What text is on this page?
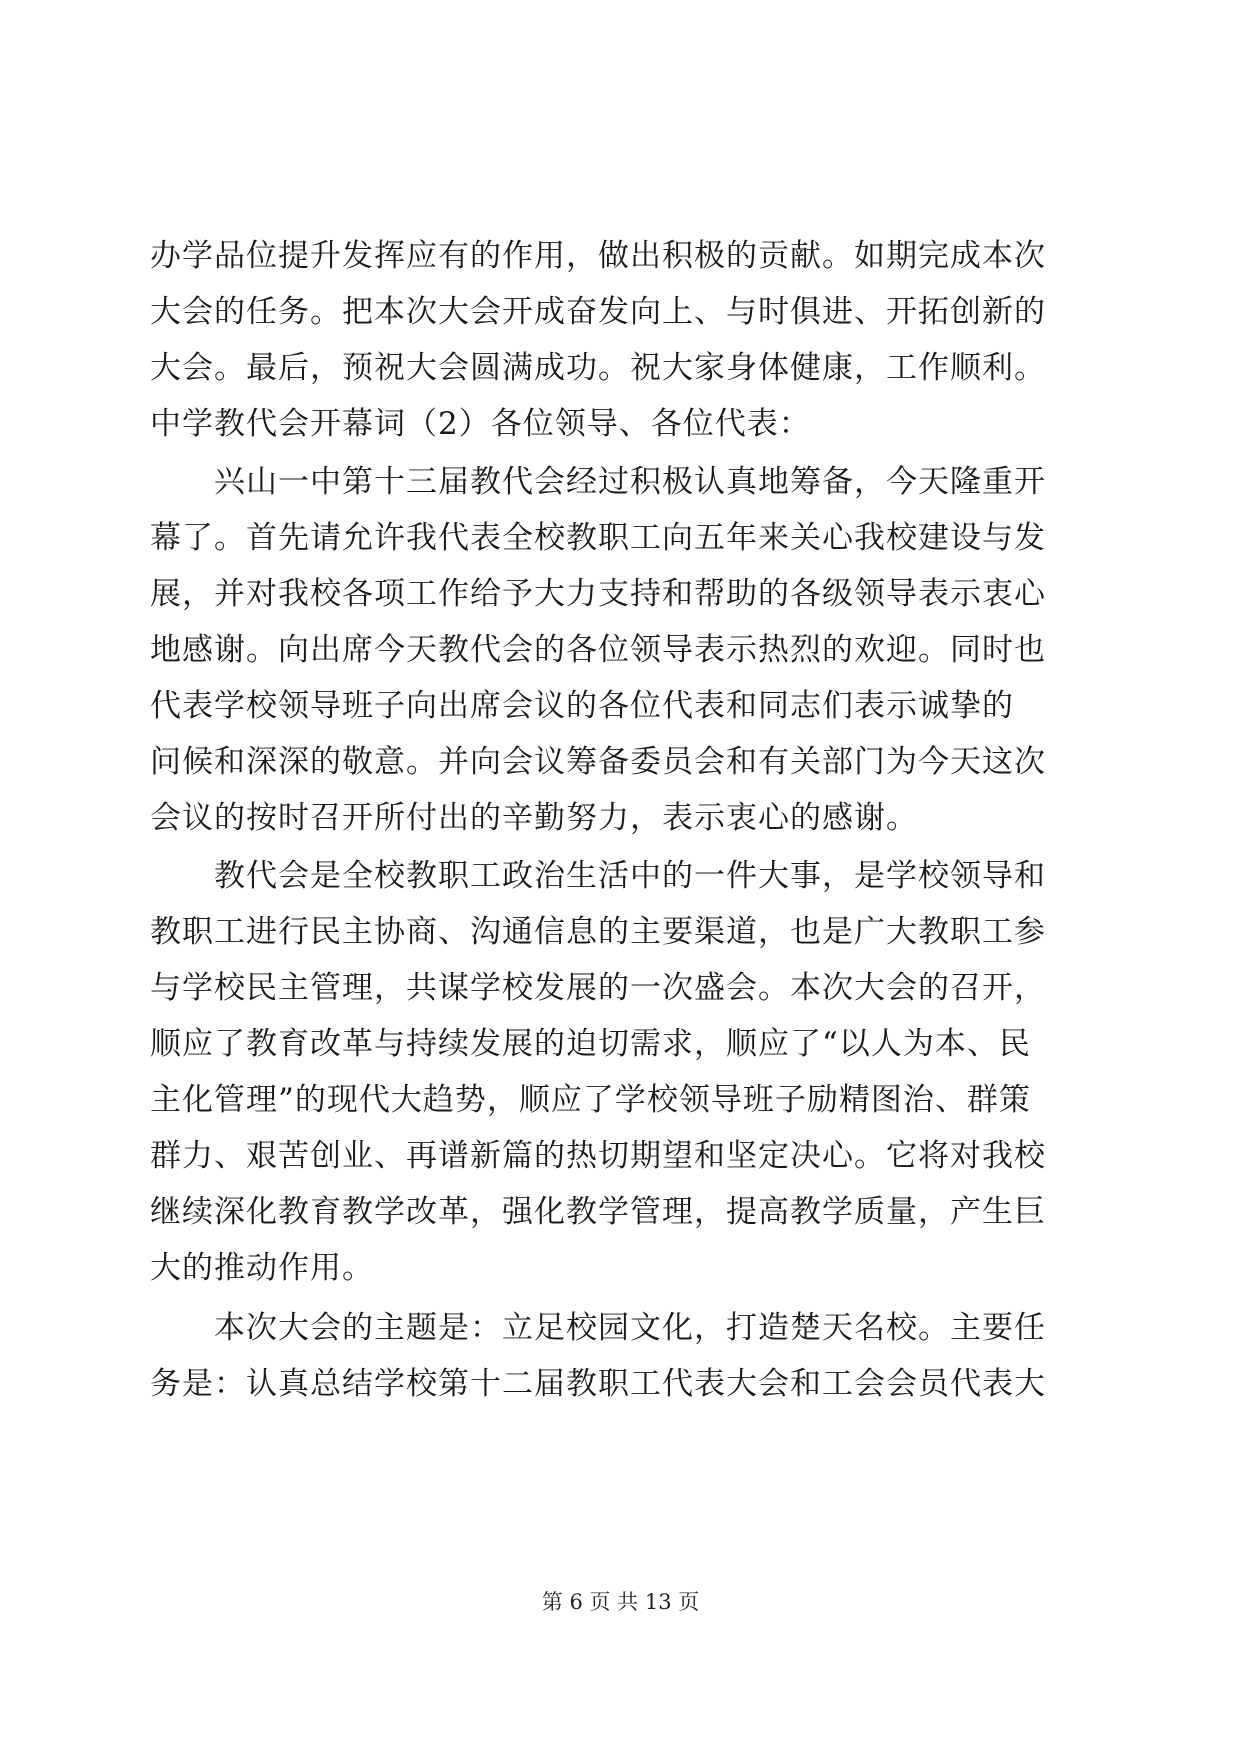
办学品位提升发挥应有的作用，做出积极的贡献。如期完成本次
大会的任务。把本次大会开成奋发向上、与时俱进、开拓创新的
大会。最后，预祝大会圆满成功。祝大家身体健康，工作顺利。
中学教代会开幕词（2）各位领导、各位代表：
兴山一中第十三届教代会经过积极认真地筹备，今天隆重开
幕了。首先请允许我代表全校教职工向五年来关心我校建设与发
展，并对我校各项工作给予大力支持和帮助的各级领导表示衷心
地感谢。向出席今天教代会的各位领导表示热烈的欢迎。同时也
代表学校领导班子向出席会议的各位代表和同志们表示诚挚的
问候和深深的敬意。并向会议筹备委员会和有关部门为今天这次
会议的按时召开所付出的辛勤努力，表示衷心的感谢。
教代会是全校教职工政治生活中的一件大事，是学校领导和
教职工进行民主协商、沟通信息的主要渠道，也是广大教职工参
与学校民主管理，共谋学校发展的一次盛会。本次大会的召开，
顺应了教育改革与持续发展的迫切需求，顺应了“以人为本、民
主化管理”的现代大趋势，顺应了学校领导班子励精图治、群策
群力、艰苦创业、再谱新篇的热切期望和坚定决心。它将对我校
继续深化教育教学改革，强化教学管理，提高教学质量，产生巨
大的推动作用。
本次大会的主题是：立足校园文化，打造楚天名校。主要任
务是：认真总结学校第十二届教职工代表大会和工会会员代表大
第 6 页 共 13 页
